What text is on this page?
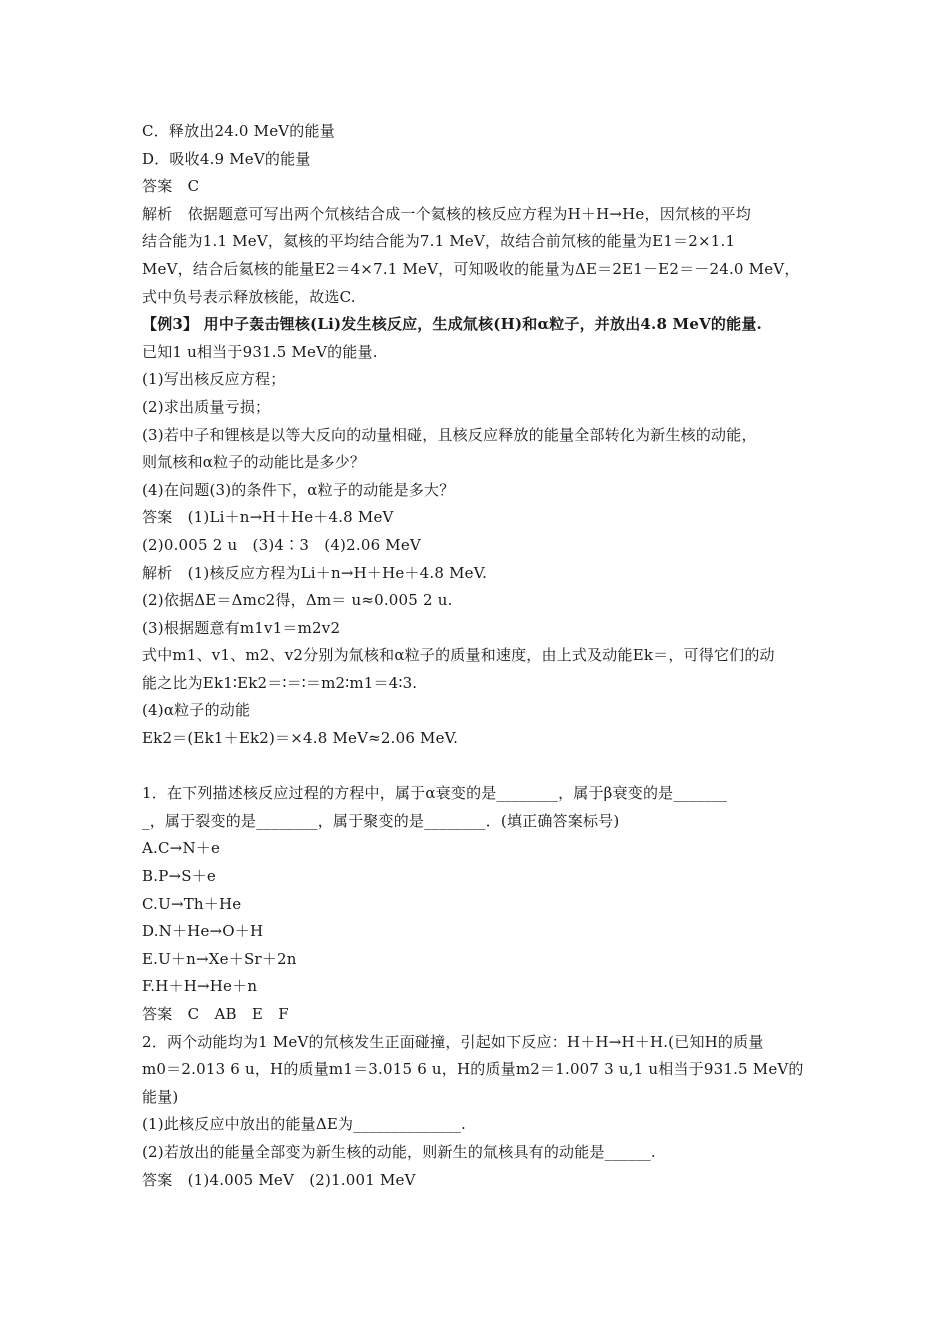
C．释放出24.0 MeV的能量
D．吸收4.9 MeV的能量
答案　C
解析　依据题意可写出两个氘核结合成一个氦核的核反应方程为H＋H→He，因氘核的平均
结合能为1.1 MeV，氦核的平均结合能为7.1 MeV，故结合前氘核的能量为E1＝2×1.1
MeV，结合后氦核的能量E2＝4×7.1 MeV，可知吸收的能量为ΔE＝2E1－E2＝－24.0 MeV，
式中负号表示释放核能，故选C.
【例3】 用中子轰击锂核(Li)发生核反应，生成氚核(H)和α粒子，并放出4.8 MeV的能量.
已知1 u相当于931.5 MeV的能量.
(1)写出核反应方程；
(2)求出质量亏损；
(3)若中子和锂核是以等大反向的动量相碰，且核反应释放的能量全部转化为新生核的动能，
则氚核和α粒子的动能比是多少？
(4)在问题(3)的条件下，α粒子的动能是多大？
答案　(1)Li＋n→H＋He＋4.8 MeV
(2)0.005 2 u　(3)4∶3　(4)2.06 MeV
解析　(1)核反应方程为Li＋n→H＋He＋4.8 MeV.
(2)依据ΔE＝Δmc2得，Δm＝ u≈0.005 2 u.
(3)根据题意有m1v1＝m2v2
式中m1、v1、m2、v2分别为氚核和α粒子的质量和速度，由上式及动能Ek＝，可得它们的动
能之比为Ek1∶Ek2＝∶＝∶＝m2∶m1＝4∶3.
(4)α粒子的动能
Ek2＝(Ek1＋Ek2)＝×4.8 MeV≈2.06 MeV.
1．在下列描述核反应过程的方程中，属于α衰变的是________，属于β衰变的是_______
_，属于裂变的是________，属于聚变的是________．(填正确答案标号)
A.C→N＋e
B.P→S＋e
C.U→Th＋He
D.N＋He→O＋H
E.U＋n→Xe＋Sr＋2n
F.H＋H→He＋n
答案　C　AB　E　F
2．两个动能均为1 MeV的氘核发生正面碰撞，引起如下反应：H＋H→H＋H.(已知H的质量
m0＝2.013 6 u，H的质量m1＝3.015 6 u，H的质量m2＝1.007 3 u,1 u相当于931.5 MeV的
能量)
(1)此核反应中放出的能量ΔE为______________.
(2)若放出的能量全部变为新生核的动能，则新生的氚核具有的动能是______.
答案　(1)4.005 MeV　(2)1.001 MeV
